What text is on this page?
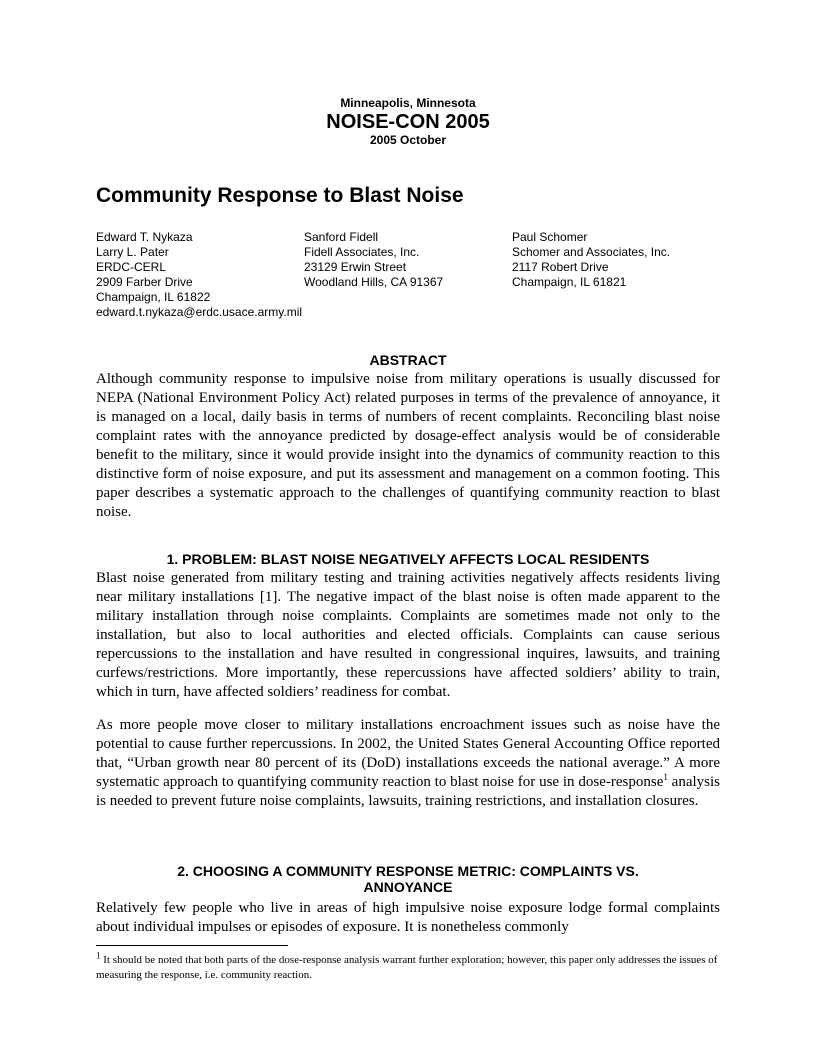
Minneapolis, Minnesota
NOISE-CON 2005
2005 October
Community Response to Blast Noise
Edward T. Nykaza
Larry L. Pater
ERDC-CERL
2909 Farber Drive
Champaign, IL 61822
edward.t.nykaza@erdc.usace.army.mil
Sanford Fidell
Fidell Associates, Inc.
23129 Erwin Street
Woodland Hills, CA 91367
Paul Schomer
Schomer and Associates, Inc.
2117 Robert Drive
Champaign, IL 61821
ABSTRACT

Although community response to impulsive noise from military operations is usually discussed for NEPA (National Environment Policy Act) related purposes in terms of the prevalence of annoyance, it is managed on a local, daily basis in terms of numbers of recent complaints. Reconciling blast noise complaint rates with the annoyance predicted by dosage-effect analysis would be of considerable benefit to the military, since it would provide insight into the dynamics of community reaction to this distinctive form of noise exposure, and put its assessment and management on a common footing. This paper describes a systematic approach to the challenges of quantifying community reaction to blast noise.

1. PROBLEM: BLAST NOISE NEGATIVELY AFFECTS LOCAL RESIDENTS

Blast noise generated from military testing and training activities negatively affects residents living near military installations [1]. The negative impact of the blast noise is often made apparent to the military installation through noise complaints. Complaints are sometimes made not only to the installation, but also to local authorities and elected officials. Complaints can cause serious repercussions to the installation and have resulted in congressional inquires, lawsuits, and training curfews/restrictions. More importantly, these repercussions have affected soldiers’ ability to train, which in turn, have affected soldiers’ readiness for combat.

As more people move closer to military installations encroachment issues such as noise have the potential to cause further repercussions. In 2002, the United States General Accounting Office reported that, “Urban growth near 80 percent of its (DoD) installations exceeds the national average.” A more systematic approach to quantifying community reaction to blast noise for use in dose-response$^1$ analysis is needed to prevent future noise complaints, lawsuits, training restrictions, and installation closures.

2. CHOOSING A COMMUNITY RESPONSE METRIC: COMPLAINTS VS.
ANNOYANCE

Relatively few people who live in areas of high impulsive noise exposure lodge formal complaints about individual impulses or episodes of exposure. It is nonetheless commonly

$^1$ It should be noted that both parts of the dose-response analysis warrant further exploration; however, this paper only addresses the issues of measuring the response, i.e. community reaction.
